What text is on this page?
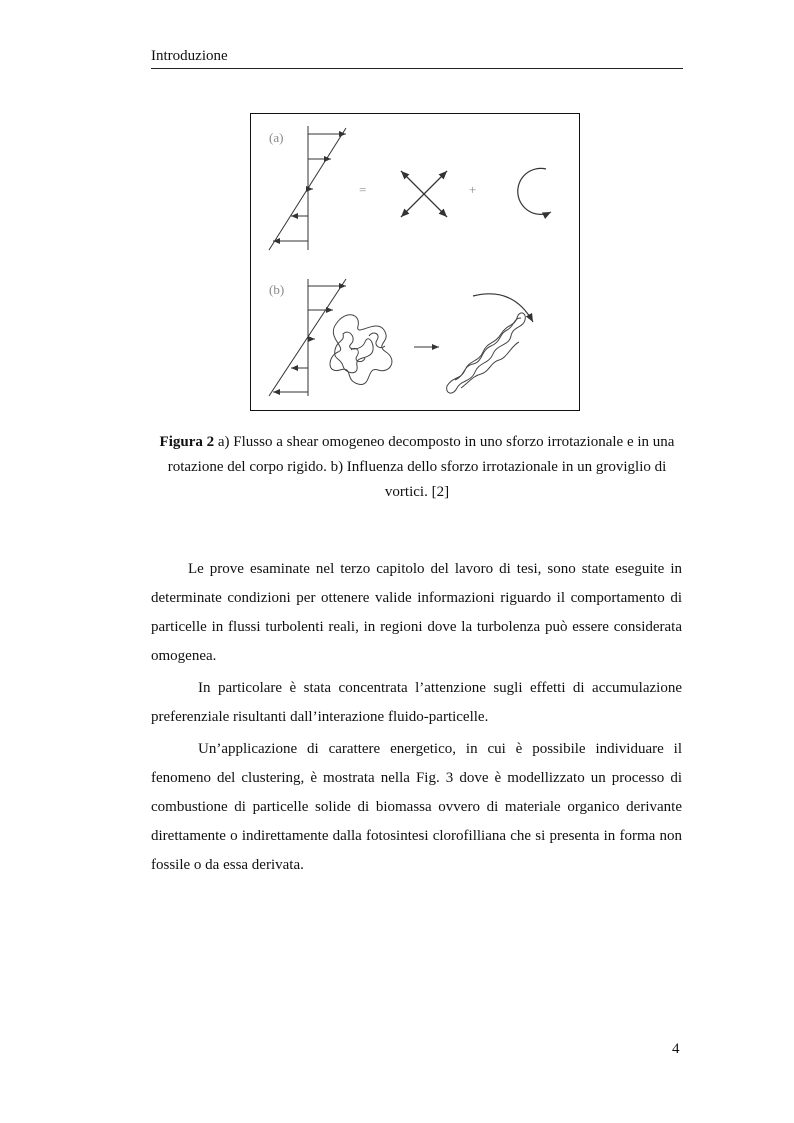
Introduzione
(a)
=	+
(b)
Figura 2 a) Flusso a shear omogeneo decomposto in uno sforzo irrotazionale e in una rotazione del corpo rigido. b) Influenza dello sforzo irrotazionale in un groviglio di vortici. [2]
Le prove esaminate nel terzo capitolo del lavoro di tesi, sono state eseguite in determinate condizioni per ottenere valide informazioni riguardo il comportamento di particelle in flussi turbolenti reali, in regioni dove la turbolenza può essere considerata omogenea.
In particolare è stata concentrata l’attenzione sugli effetti di accumulazione preferenziale risultanti dall’interazione fluido-particelle.
Un’applicazione di carattere energetico, in cui è possibile individuare il fenomeno del clustering, è mostrata nella Fig. 3 dove è modellizzato un processo di combustione di particelle solide di biomassa ovvero di materiale organico derivante direttamente o indirettamente dalla fotosintesi clorofilliana che si presenta in forma non fossile o da essa derivata.
4
